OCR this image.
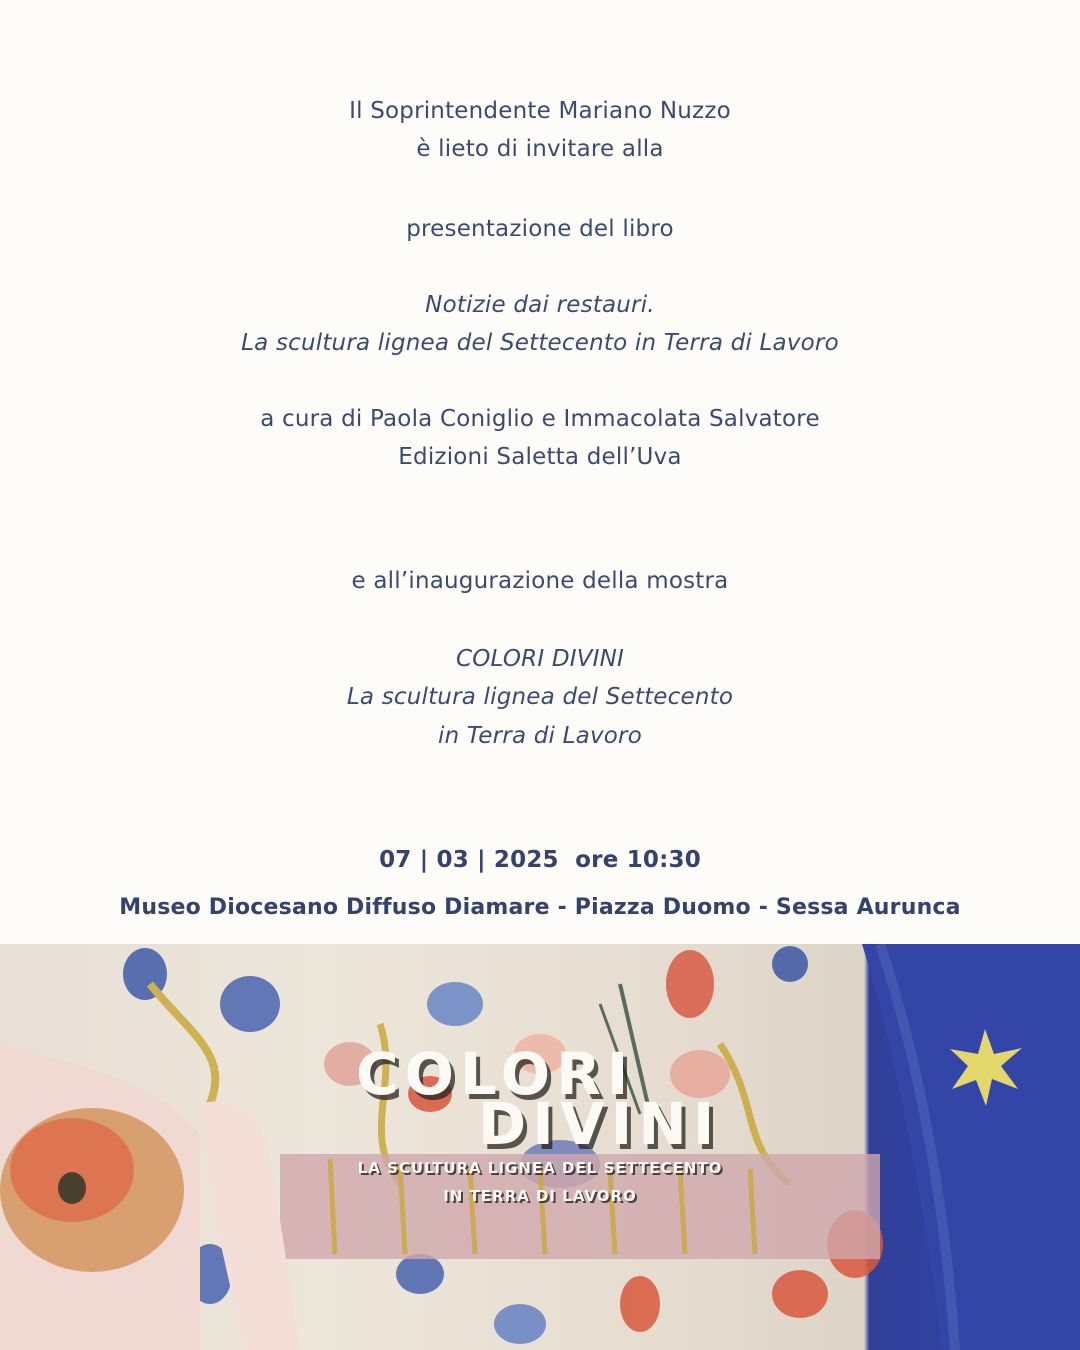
Il Soprintendente Mariano Nuzzo
è lieto di invitare alla
presentazione del libro
Notizie dai restauri.
La scultura lignea del Settecento in Terra di Lavoro
a cura di Paola Coniglio e Immacolata Salvatore
Edizioni Saletta dell’Uva
e all’inaugurazione della mostra
COLORI DIVINI
La scultura lignea del Settecento
in Terra di Lavoro
07 | 03 | 2025  ore 10:30
Museo Diocesano Diffuso Diamare - Piazza Duomo - Sessa Aurunca
COLORI
DIVINI
LA SCULTURA LIGNEA DEL SETTECENTO
IN TERRA DI LAVORO
